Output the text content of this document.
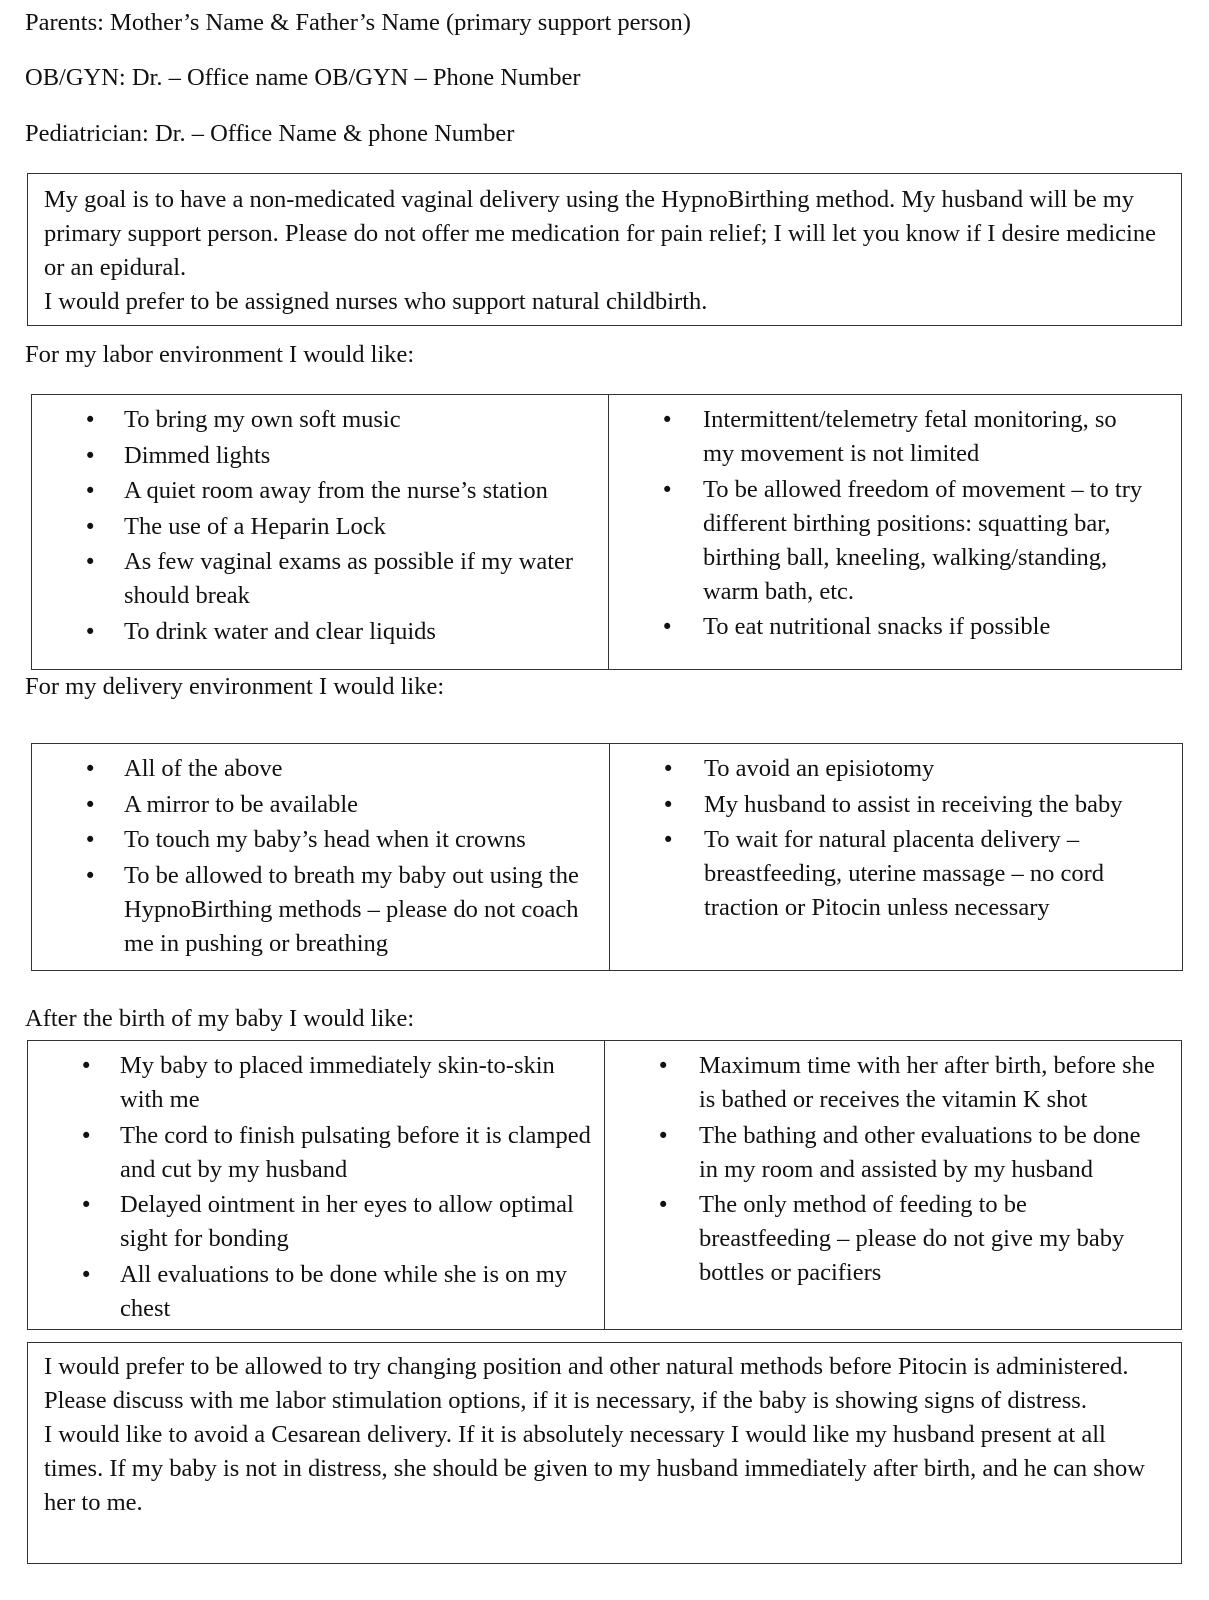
Parents: Mother’s Name & Father’s Name (primary support person)
OB/GYN: Dr. – Office name OB/GYN – Phone Number
Pediatrician: Dr. – Office Name & phone Number

My goal is to have a non-medicated vaginal delivery using the HypnoBirthing method. My husband will be my primary support person. Please do not offer me medication for pain relief; I will let you know if I desire medicine or an epidural.

I would prefer to be assigned nurses who support natural childbirth.

For my labor environment I would like:
• To bring my own soft music
• Dimmed lights
• A quiet room away from the nurse’s station
• The use of a Heparin Lock
• As few vaginal exams as possible if my water should break
• To drink water and clear liquids
• Intermittent/telemetry fetal monitoring, so my movement is not limited
• To be allowed freedom of movement – to try different birthing positions: squatting bar, birthing ball, kneeling, walking/standing, warm bath, etc.
• To eat nutritional snacks if possible
For my delivery environment I would like:
• All of the above
• A mirror to be available
• To touch my baby’s head when it crowns
• To be allowed to breath my baby out using the HypnoBirthing methods – please do not coach me in pushing or breathing
• To avoid an episiotomy
• My husband to assist in receiving the baby
• To wait for natural placenta delivery – breastfeeding, uterine massage – no cord traction or Pitocin unless necessary
After the birth of my baby I would like:
• My baby to placed immediately skin-to-skin with me
• The cord to finish pulsating before it is clamped and cut by my husband
• Delayed ointment in her eyes to allow optimal sight for bonding
• All evaluations to be done while she is on my chest
• Maximum time with her after birth, before she is bathed or receives the vitamin K shot
• The bathing and other evaluations to be done in my room and assisted by my husband
• The only method of feeding to be breastfeeding – please do not give my baby bottles or pacifiers

I would prefer to be allowed to try changing position and other natural methods before Pitocin is administered. Please discuss with me labor stimulation options, if it is necessary, if the baby is showing signs of distress.

I would like to avoid a Cesarean delivery. If it is absolutely necessary I would like my husband present at all times. If my baby is not in distress, she should be given to my husband immediately after birth, and he can show her to me.
